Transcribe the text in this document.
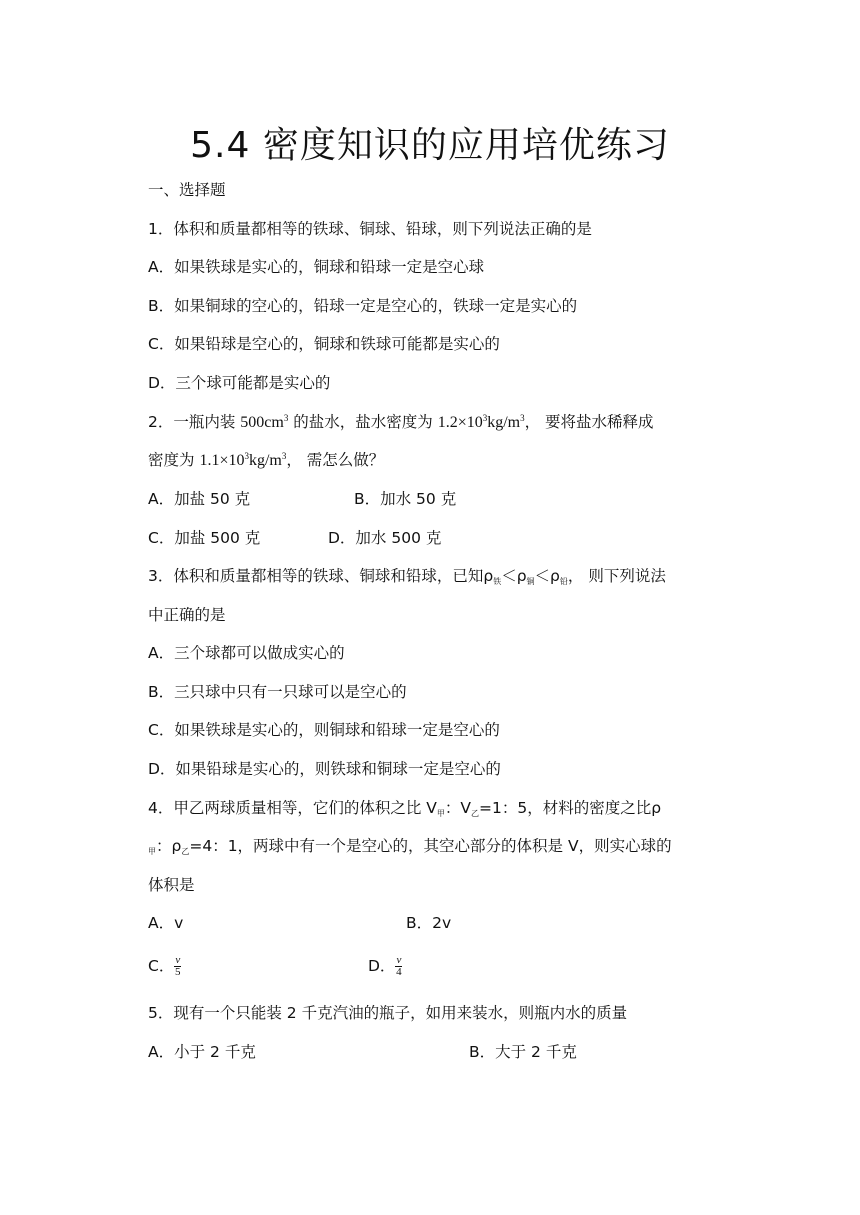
5.4 密度知识的应用培优练习
一、选择题
1．体积和质量都相等的铁球、铜球、铅球，则下列说法正确的是
A．如果铁球是实心的，铜球和铅球一定是空心球
B．如果铜球的空心的，铅球一定是空心的，铁球一定是实心的
C．如果铅球是空心的，铜球和铁球可能都是实心的
D．三个球可能都是实心的
2．一瓶内装 $500cm^3$ 的盐水，盐水密度为 $1.2\times 10^3kg/m^3$， 要将盐水稀释成
密度为 $1.1\times 10^3kg/m^3$， 需怎么做？
A．加盐 50 克	B．加水 50 克
C．加盐 500 克	D．加水 500 克
3．体积和质量都相等的铁球、铜球和铅球，已知$\rho_铁<\rho_铜<\rho_铅$， 则下列说法
中正确的是
A．三个球都可以做成实心的
B．三只球中只有一只球可以是空心的
C．如果铁球是实心的，则铜球和铅球一定是空心的
D．如果铅球是实心的，则铁球和铜球一定是空心的
4．甲乙两球质量相等，它们的体积之比 $V_甲$：$V_乙=1$：5，材料的密度之比ρ
$_甲$：$\rho_乙=4$：1，两球中有一个是空心的，其空心部分的体积是 V，则实心球的
体积是
A．v	B．2v
C． $\frac{v}{5}$	D． $\frac{v}{4}$
5．现有一个只能装 2 千克汽油的瓶子，如用来装水，则瓶内水的质量
A．小于 2 千克	B．大于 2 千克
